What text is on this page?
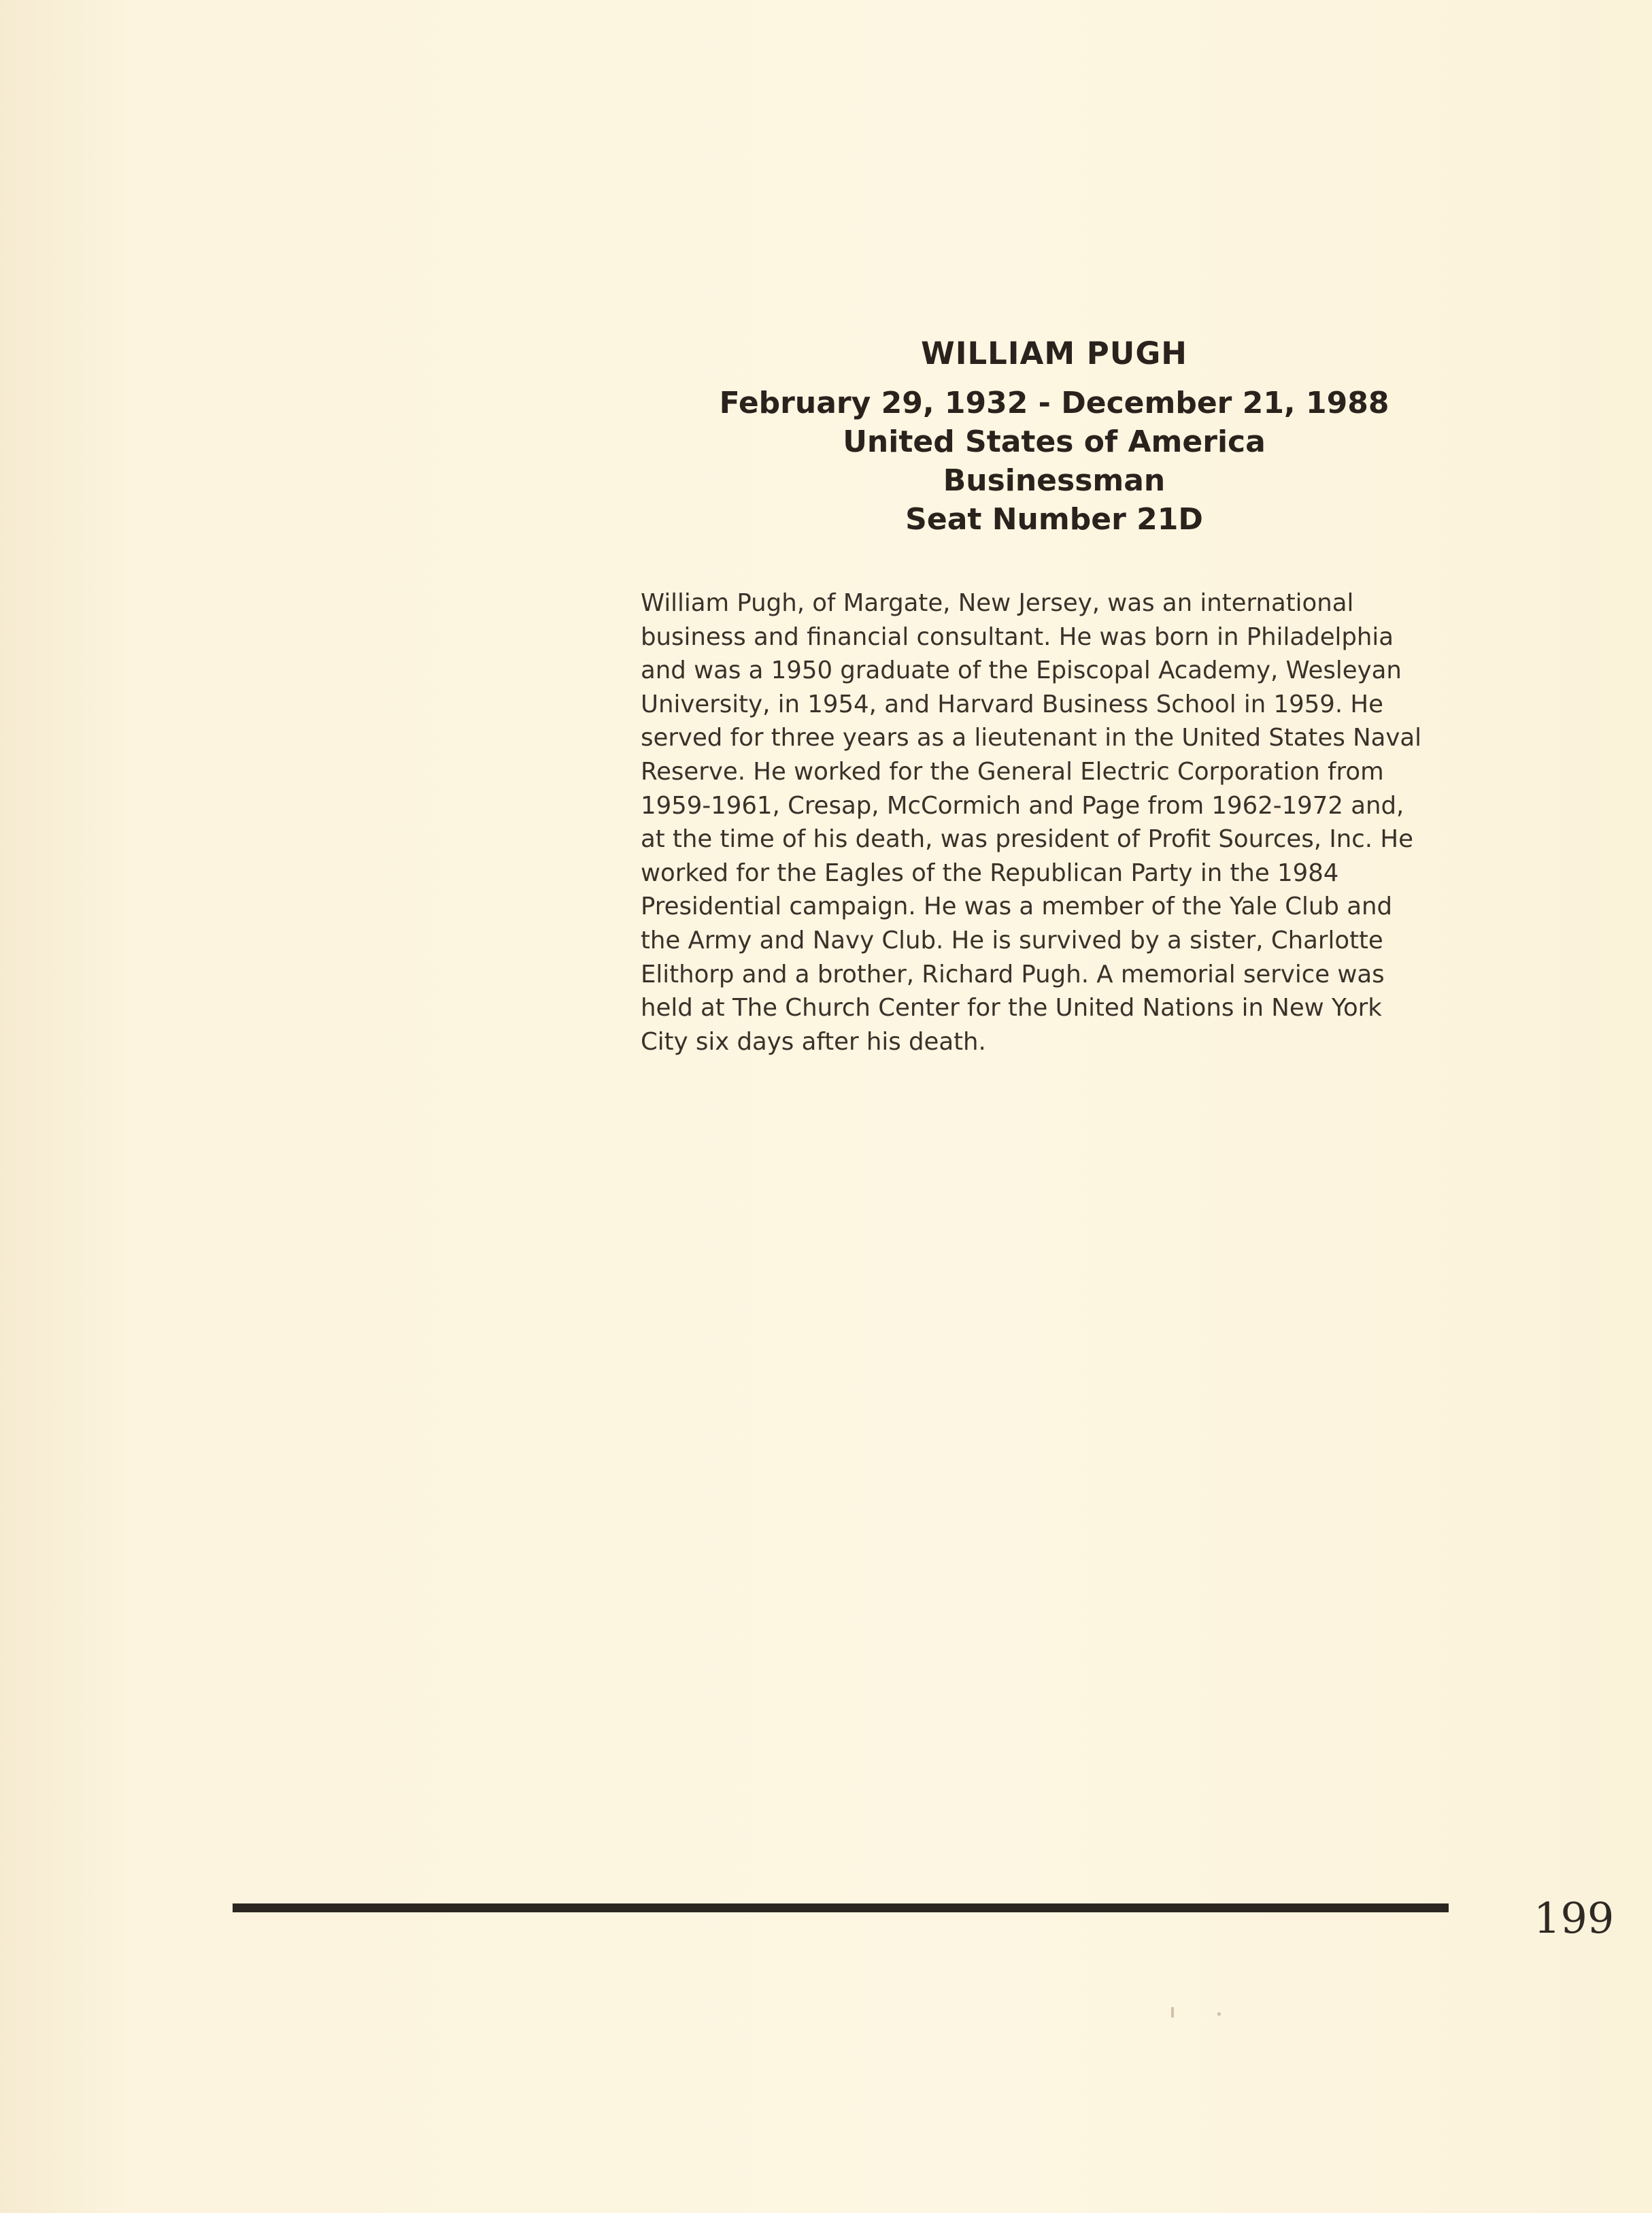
WILLIAM PUGH
February 29, 1932 - December 21, 1988
United States of America
Businessman
Seat Number 21D

William Pugh, of Margate, New Jersey, was an international
business and financial consultant. He was born in Philadelphia
and was a 1950 graduate of the Episcopal Academy, Wesleyan
University, in 1954, and Harvard Business School in 1959. He
served for three years as a lieutenant in the United States Naval
Reserve. He worked for the General Electric Corporation from
1959-1961, Cresap, McCormich and Page from 1962-1972 and,
at the time of his death, was president of Profit Sources, Inc. He
worked for the Eagles of the Republican Party in the 1984
Presidential campaign. He was a member of the Yale Club and
the Army and Navy Club. He is survived by a sister, Charlotte
Elithorp and a brother, Richard Pugh. A memorial service was
held at The Church Center for the United Nations in New York
City six days after his death.

199
